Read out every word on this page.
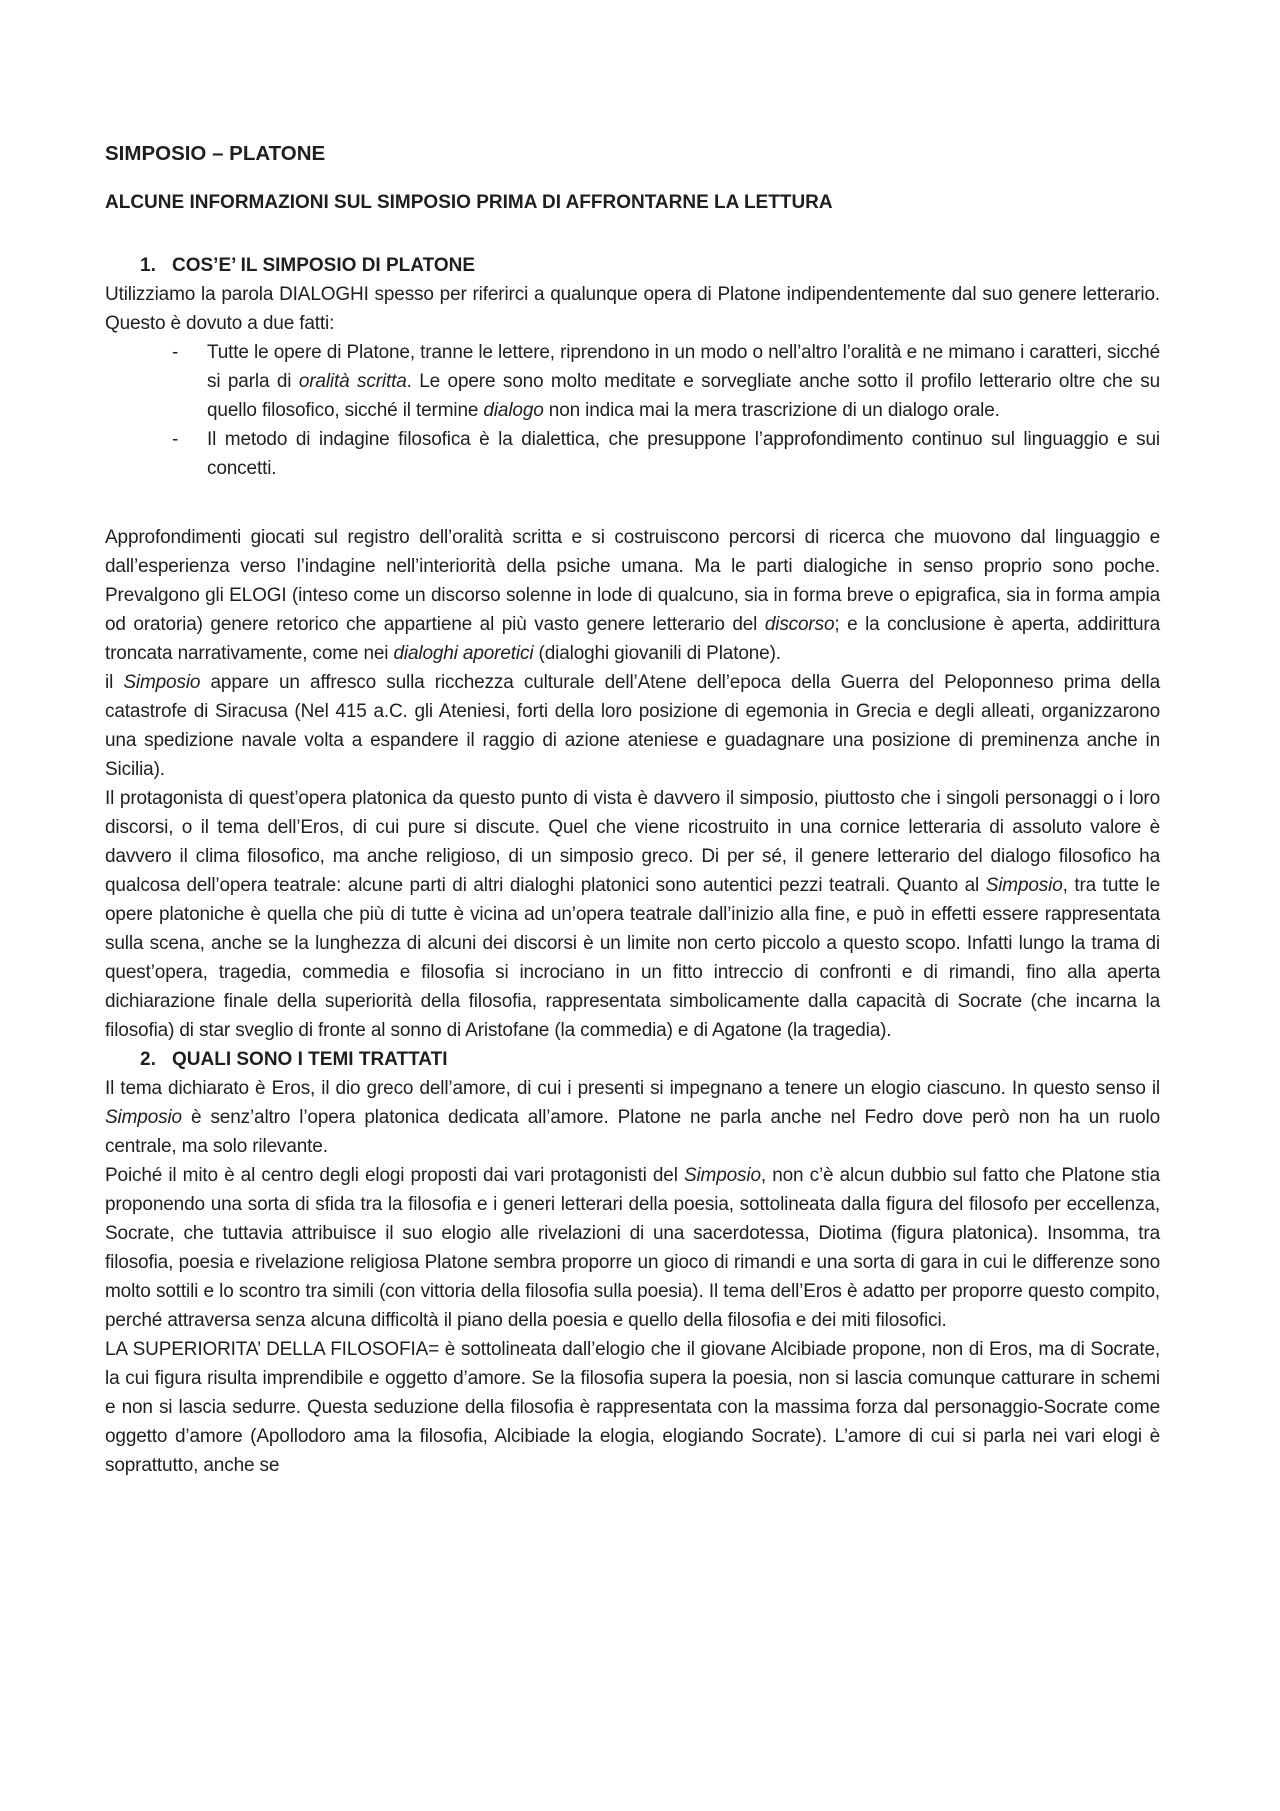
SIMPOSIO – PLATONE
ALCUNE INFORMAZIONI SUL SIMPOSIO PRIMA DI AFFRONTARNE LA LETTURA
1. COS’E’ IL SIMPOSIO DI PLATONE

Utilizziamo la parola DIALOGHI spesso per riferirci a qualunque opera di Platone indipendentemente dal suo genere letterario. Questo è dovuto a due fatti:

-	Tutte le opere di Platone, tranne le lettere, riprendono in un modo o nell’altro l’oralità e ne mimano i caratteri, sicché si parla di oralità scritta. Le opere sono molto meditate e sorvegliate anche sotto il profilo letterario oltre che su quello filosofico, sicché il termine dialogo non indica mai la mera trascrizione di un dialogo orale.

-	Il metodo di indagine filosofica è la dialettica, che presuppone l’approfondimento continuo sul linguaggio e sui concetti.

Approfondimenti giocati sul registro dell’oralità scritta e si costruiscono percorsi di ricerca che muovono dal linguaggio e dall’esperienza verso l’indagine nell’interiorità della psiche umana. Ma le parti dialogiche in senso proprio sono poche. Prevalgono gli ELOGI (inteso come un discorso solenne in lode di qualcuno, sia in forma breve o epigrafica, sia in forma ampia od oratoria) genere retorico che appartiene al più vasto genere letterario del discorso; e la conclusione è aperta, addirittura troncata narrativamente, come nei dialoghi aporetici (dialoghi giovanili di Platone).

il Simposio appare un affresco sulla ricchezza culturale dell’Atene dell’epoca della Guerra del Peloponneso prima della catastrofe di Siracusa (Nel 415 a.C. gli Ateniesi, forti della loro posizione di egemonia in Grecia e degli alleati, organizzarono una spedizione navale volta a espandere il raggio di azione ateniese e guadagnare una posizione di preminenza anche in Sicilia).

Il protagonista di quest’opera platonica da questo punto di vista è davvero il simposio, piuttosto che i singoli personaggi o i loro discorsi, o il tema dell’Eros, di cui pure si discute. Quel che viene ricostruito in una cornice letteraria di assoluto valore è davvero il clima filosofico, ma anche religioso, di un simposio greco. Di per sé, il genere letterario del dialogo filosofico ha qualcosa dell’opera teatrale: alcune parti di altri dialoghi platonici sono autentici pezzi teatrali. Quanto al Simposio, tra tutte le opere platoniche è quella che più di tutte è vicina ad un’opera teatrale dall’inizio alla fine, e può in effetti essere rappresentata sulla scena, anche se la lunghezza di alcuni dei discorsi è un limite non certo piccolo a questo scopo. Infatti lungo la trama di quest’opera, tragedia, commedia e filosofia si incrociano in un fitto intreccio di confronti e di rimandi, fino alla aperta dichiarazione finale della superiorità della filosofia, rappresentata simbolicamente dalla capacità di Socrate (che incarna la filosofia) di star sveglio di fronte al sonno di Aristofane (la commedia) e di Agatone (la tragedia).

2. QUALI SONO I TEMI TRATTATI

Il tema dichiarato è Eros, il dio greco dell’amore, di cui i presenti si impegnano a tenere un elogio ciascuno. In questo senso il Simposio è senz’altro l’opera platonica dedicata all’amore. Platone ne parla anche nel Fedro dove però non ha un ruolo centrale, ma solo rilevante.

Poiché il mito è al centro degli elogi proposti dai vari protagonisti del Simposio, non c’è alcun dubbio sul fatto che Platone stia proponendo una sorta di sfida tra la filosofia e i generi letterari della poesia, sottolineata dalla figura del filosofo per eccellenza, Socrate, che tuttavia attribuisce il suo elogio alle rivelazioni di una sacerdotessa, Diotima (figura platonica). Insomma, tra filosofia, poesia e rivelazione religiosa Platone sembra proporre un gioco di rimandi e una sorta di gara in cui le differenze sono molto sottili e lo scontro tra simili (con vittoria della filosofia sulla poesia). Il tema dell’Eros è adatto per proporre questo compito, perché attraversa senza alcuna difficoltà il piano della poesia e quello della filosofia e dei miti filosofici.

LA SUPERIORITA’ DELLA FILOSOFIA= è sottolineata dall’elogio che il giovane Alcibiade propone, non di Eros, ma di Socrate, la cui figura risulta imprendibile e oggetto d’amore. Se la filosofia supera la poesia, non si lascia comunque catturare in schemi e non si lascia sedurre. Questa seduzione della filosofia è rappresentata con la massima forza dal personaggio-Socrate come oggetto d’amore (Apollodoro ama la filosofia, Alcibiade la elogia, elogiando Socrate). L’amore di cui si parla nei vari elogi è soprattutto, anche se
